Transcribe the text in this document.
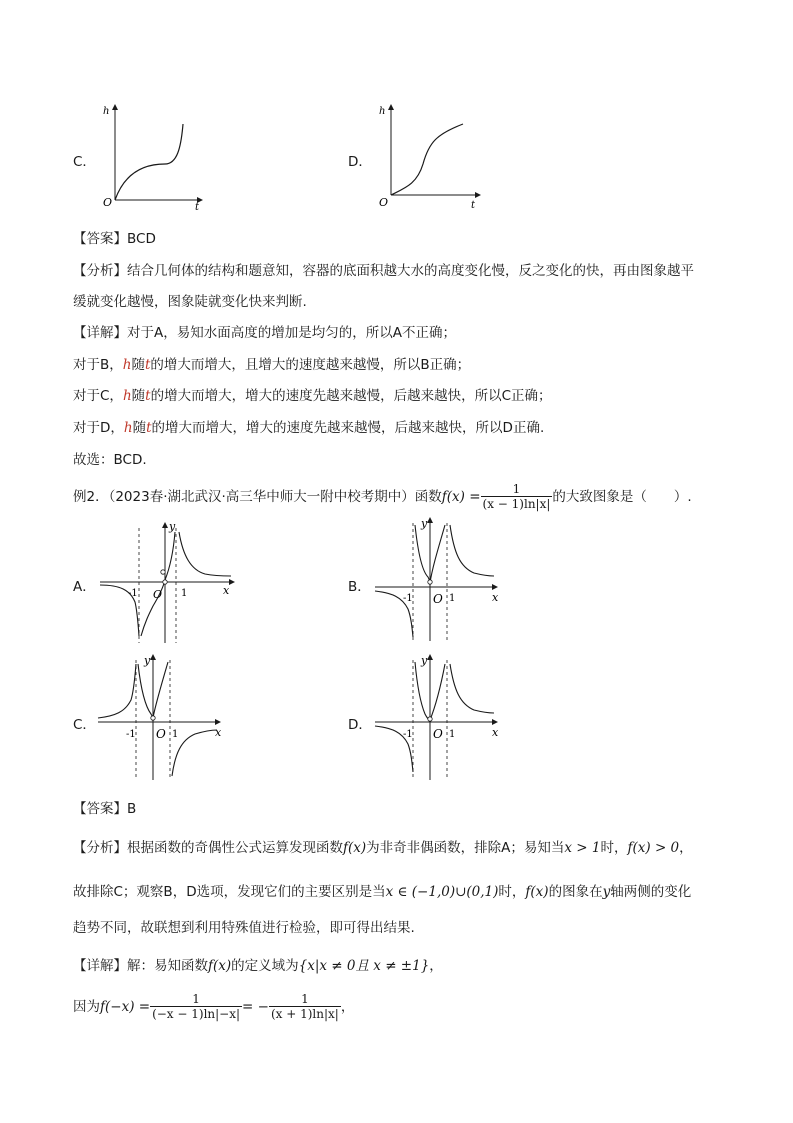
C．
h
t
O
D．
h
t
O
【答案】BCD
【分析】结合几何体的结构和题意知，容器的底面积越大水的高度变化慢，反之变化的快，再由图象越平
缓就变化越慢，图象陡就变化快来判断.
【详解】对于A，易知水面高度的增加是均匀的，所以A不正确；
对于B，h随t的增大而增大，且增大的速度越来越慢，所以B正确；
对于C，h随t的增大而增大，增大的速度先越来越慢，后越来越快，所以C正确；
对于D，h随t的增大而增大，增大的速度先越来越慢，后越来越快，所以D正确.
故选：BCD.
例2．（2023春·湖北武汉·高三华中师大一附中校考期中）函数$f(x) = \frac{1}{(x - 1)\ln|x|}$ 的大致图象是（　　）.
A．	x
y
-1 O 1	B．
x
y
-1 O 1
C．	x
y
-1 O 1
D．	x
y
-1 O 1
【答案】B
【分析】根据函数的奇偶性公式运算发现函数f(x)为非奇非偶函数，排除A；易知当x > 1时，f(x) > 0，
故排除C；观察B，D选项，发现它们的主要区别是当x ∈ (−1,0)∪(0,1)时，f(x)的图象在y轴两侧的变化
趋势不同，故联想到利用特殊值进行检验，即可得出结果.
【详解】解：易知函数f(x)的定义域为{x|x ≠ 0且 x ≠ ±1}，
因为$f(-x) = \frac{1}{(-x - 1)\ln|-x|}$ = − $\frac{1}{(x + 1)\ln|x|}$ ，
